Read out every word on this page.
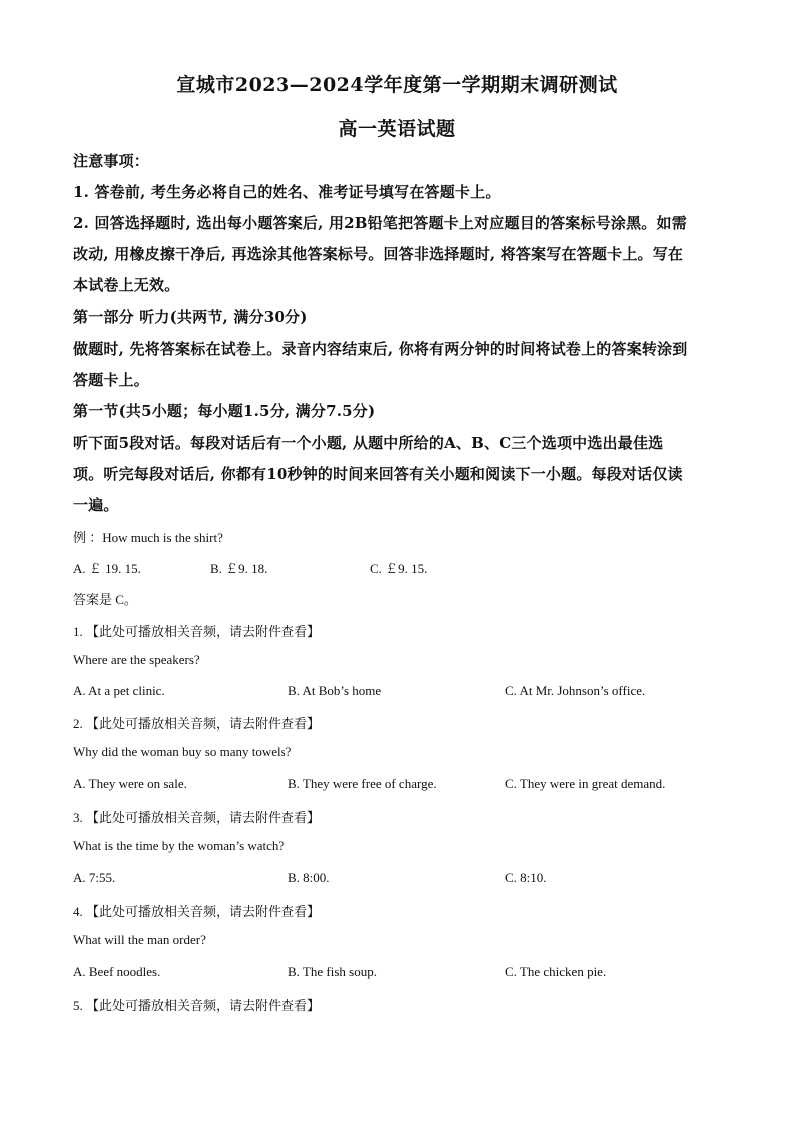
宣城市2023—2024学年度第一学期期末调研测试
高一英语试题
注意事项：
1. 答卷前, 考生务必将自己的姓名、准考证号填写在答题卡上。
2. 回答选择题时, 选出每小题答案后, 用2B铅笔把答题卡上对应题目的答案标号涂黑。如需
改动, 用橡皮擦干净后, 再选涂其他答案标号。回答非选择题时, 将答案写在答题卡上。写在
本试卷上无效。
第一部分 听力(共两节, 满分30分)
做题时, 先将答案标在试卷上。录音内容结束后, 你将有两分钟的时间将试卷上的答案转涂到
答题卡上。
第一节(共5小题；每小题1.5分, 满分7.5分)
听下面5段对话。每段对话后有一个小题, 从题中所给的A、B、C三个选项中选出最佳选
项。听完每段对话后, 你都有10秒钟的时间来回答有关小题和阅读下一小题。每段对话仅读
一遍。
例 ：How much is the shirt?
A. ￡ 19. 15.	B. ￡9. 18.	C. ￡9. 15.
答案是 C。
1. 【此处可播放相关音频，请去附件查看】
Where are the speakers?
A. At a pet clinic.	B. At Bob’s home	C. At Mr. Johnson’s office.
2. 【此处可播放相关音频，请去附件查看】
Why did the woman buy so many towels?
A. They were on sale.	B. They were free of charge.	C. They were in great demand.
3. 【此处可播放相关音频，请去附件查看】
What is the time by the woman’s watch?
A. 7:55.	B. 8:00.	C. 8:10.
4. 【此处可播放相关音频，请去附件查看】
What will the man order?
A. Beef noodles.	B. The fish soup.	C. The chicken pie.
5. 【此处可播放相关音频，请去附件查看】
